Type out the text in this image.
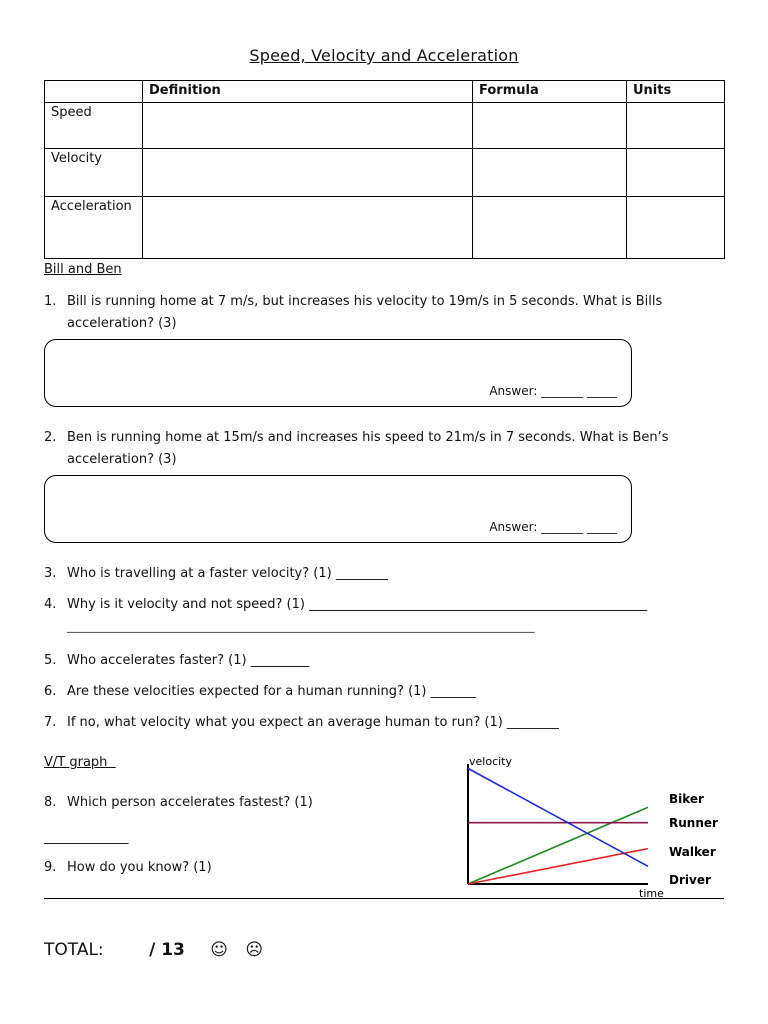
Speed, Velocity and Acceleration
	Definition	Formula	Units
Speed			
Velocity			
Acceleration			
Bill and Ben
1. Bill is running home at 7 m/s, but increases his velocity to 19m/s in 5 seconds. What is Bills
acceleration? (3)
Answer: _______ _____
2. Ben is running home at 15m/s and increases his speed to 21m/s in 7 seconds. What is Ben’s
acceleration? (3)
Answer: _______ _____
3. Who is travelling at a faster velocity? (1) ________
4. Why is it velocity and not speed? (1) ____________________________________________________
_____________________________________________________________________________________
5. Who accelerates faster? (1) _________
6. Are these velocities expected for a human running? (1) _______
7. If no, what velocity what you expect an average human to run? (1) ________
V/T graph
8. Which person accelerates fastest? (1)
_____________
9. How do you know? (1)
velocity
time
Biker
Runner
Walker
Driver
TOTAL:	/ 13 ☺ ☹
